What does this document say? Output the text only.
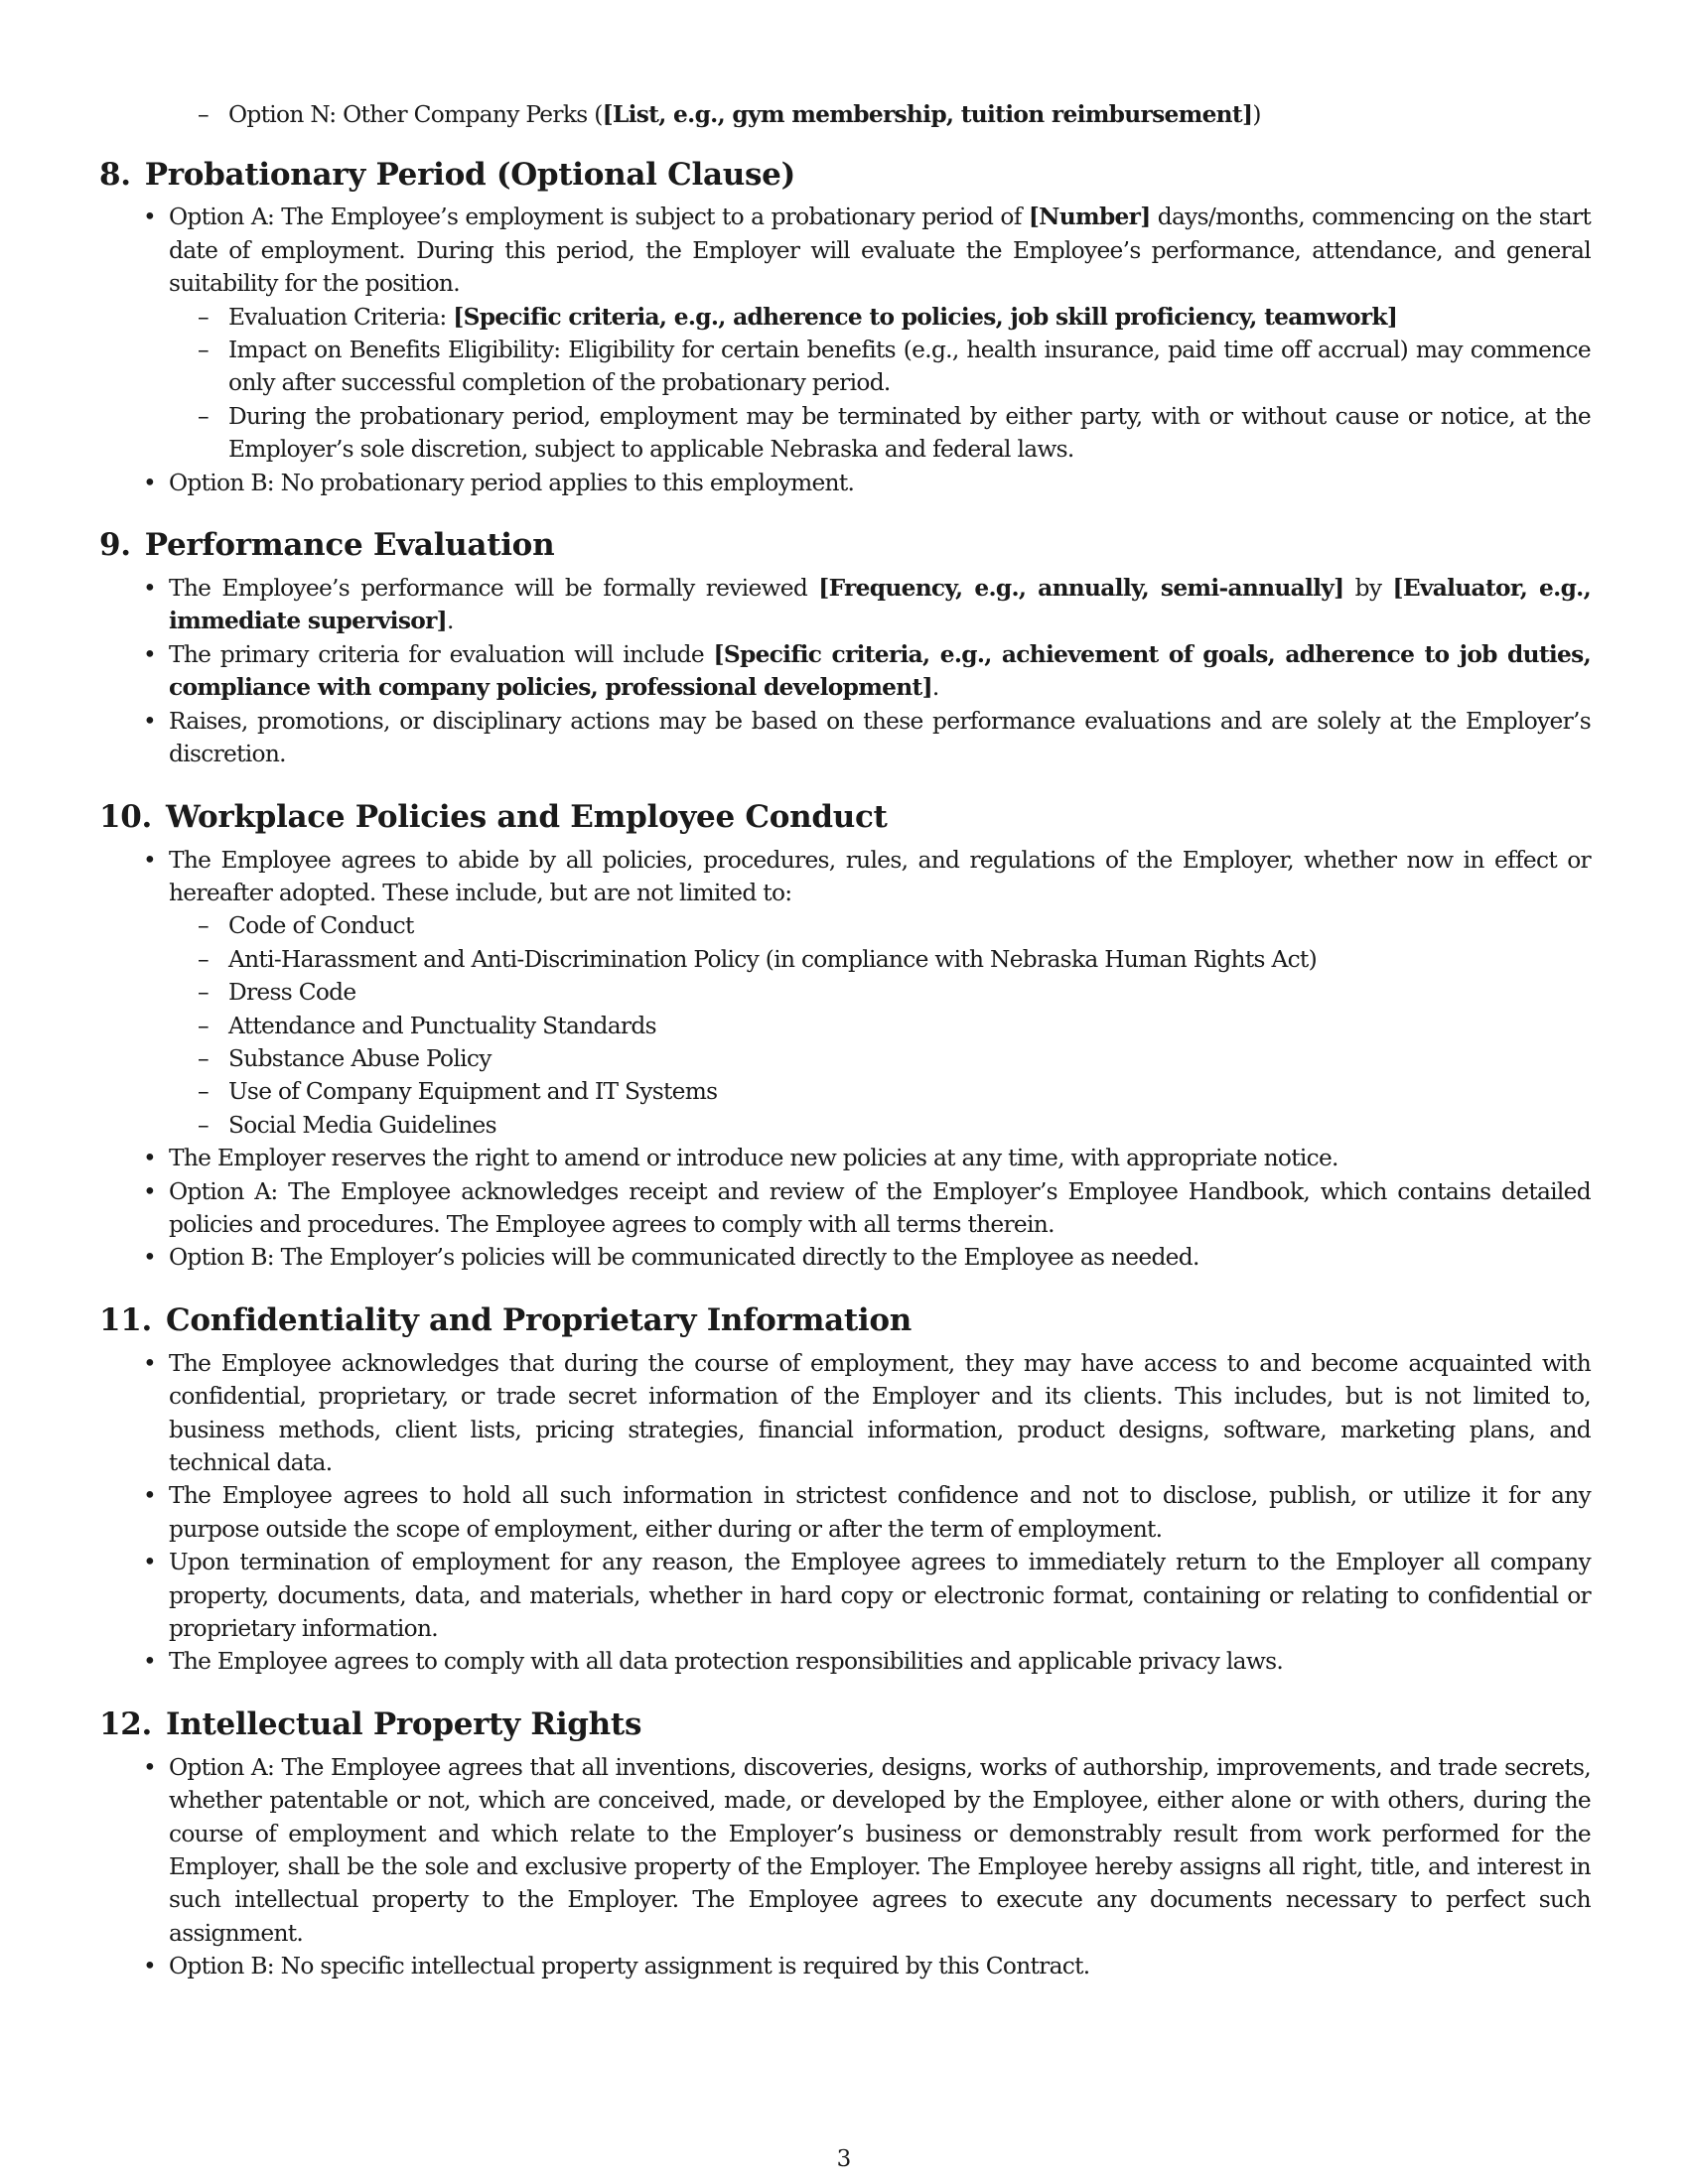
– Option N: Other Company Perks ([List, e.g., gym membership, tuition reimbursement])

8. Probationary Period (Optional Clause)

• Option A: The Employee’s employment is subject to a probationary period of [Number] days/months, commencing on the start date of employment. During this period, the Employer will evaluate the Employee’s performance, attendance, and general suitability for the position.

– Evaluation Criteria: [Specific criteria, e.g., adherence to policies, job skill proficiency, teamwork]

– Impact on Benefits Eligibility: Eligibility for certain benefits (e.g., health insurance, paid time off accrual) may commence only after successful completion of the probationary period.

– During the probationary period, employment may be terminated by either party, with or without cause or notice, at the Employer’s sole discretion, subject to applicable Nebraska and federal laws.

• Option B: No probationary period applies to this employment.

9. Performance Evaluation

• The Employee’s performance will be formally reviewed [Frequency, e.g., annually, semi-annually] by [Evaluator, e.g., immediate supervisor].

• The primary criteria for evaluation will include [Specific criteria, e.g., achievement of goals, adherence to job duties, compliance with company policies, professional development].

• Raises, promotions, or disciplinary actions may be based on these performance evaluations and are solely at the Employer’s discretion.

10. Workplace Policies and Employee Conduct

• The Employee agrees to abide by all policies, procedures, rules, and regulations of the Employer, whether now in effect or hereafter adopted. These include, but are not limited to:

– Code of Conduct

– Anti-Harassment and Anti-Discrimination Policy (in compliance with Nebraska Human Rights Act)

– Dress Code

– Attendance and Punctuality Standards

– Substance Abuse Policy

– Use of Company Equipment and IT Systems

– Social Media Guidelines

• The Employer reserves the right to amend or introduce new policies at any time, with appropriate notice.

• Option A: The Employee acknowledges receipt and review of the Employer’s Employee Handbook, which contains detailed policies and procedures. The Employee agrees to comply with all terms therein.

• Option B: The Employer’s policies will be communicated directly to the Employee as needed.

11. Confidentiality and Proprietary Information

• The Employee acknowledges that during the course of employment, they may have access to and become acquainted with confidential, proprietary, or trade secret information of the Employer and its clients. This includes, but is not limited to, business methods, client lists, pricing strategies, financial information, product designs, software, marketing plans, and technical data.

• The Employee agrees to hold all such information in strictest confidence and not to disclose, publish, or utilize it for any purpose outside the scope of employment, either during or after the term of employment.

• Upon termination of employment for any reason, the Employee agrees to immediately return to the Employer all company property, documents, data, and materials, whether in hard copy or electronic format, containing or relating to confidential or proprietary information.

• The Employee agrees to comply with all data protection responsibilities and applicable privacy laws.

12. Intellectual Property Rights

• Option A: The Employee agrees that all inventions, discoveries, designs, works of authorship, improvements, and trade secrets, whether patentable or not, which are conceived, made, or developed by the Employee, either alone or with others, during the course of employment and which relate to the Employer’s business or demonstrably result from work performed for the Employer, shall be the sole and exclusive property of the Employer. The Employee hereby assigns all right, title, and interest in such intellectual property to the Employer. The Employee agrees to execute any documents necessary to perfect such assignment.

• Option B: No specific intellectual property assignment is required by this Contract.

3
